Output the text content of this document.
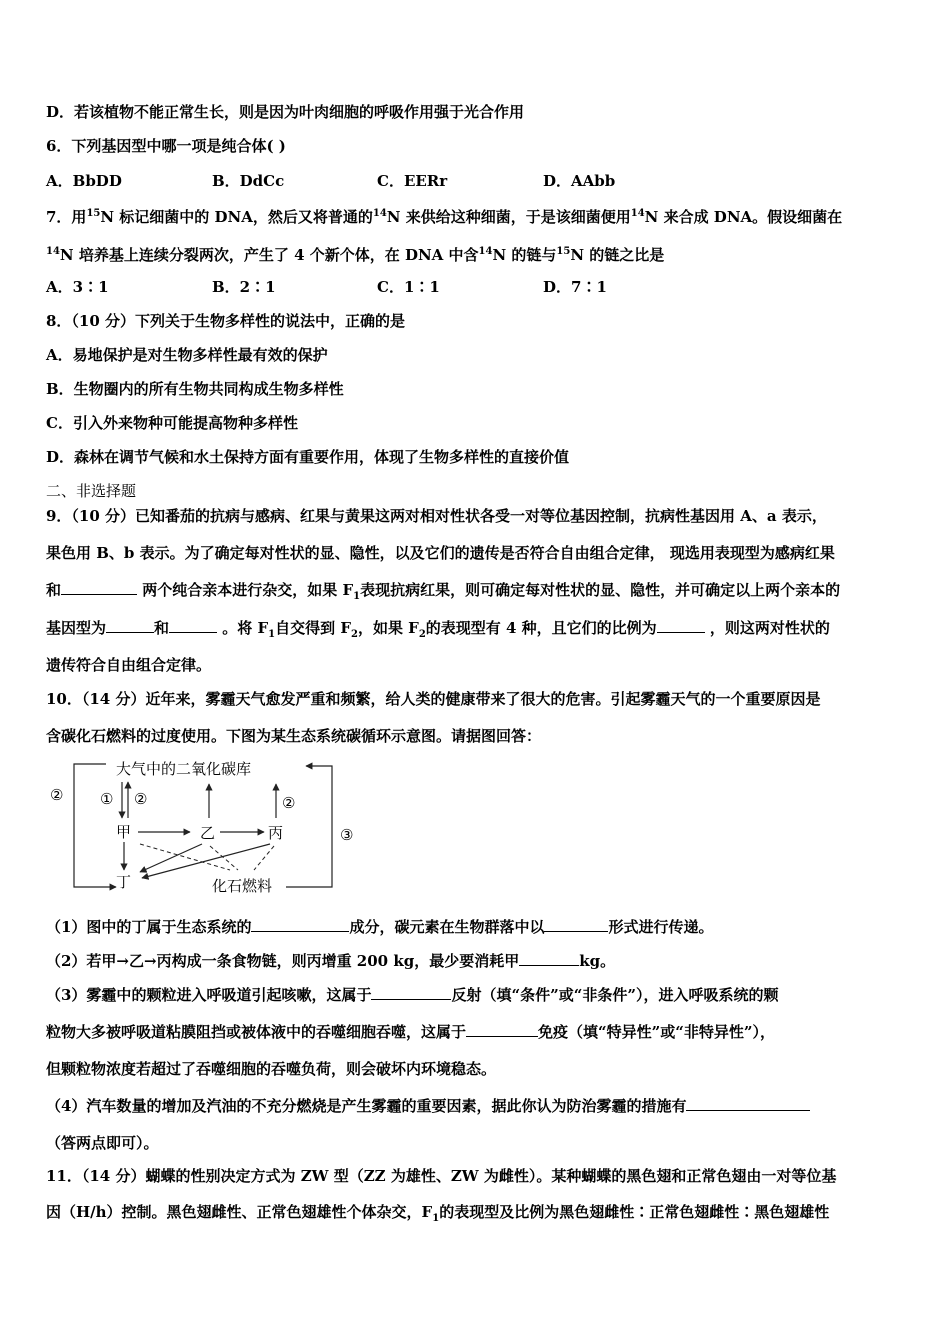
D．若该植物不能正常生长，则是因为叶肉细胞的呼吸作用强于光合作用
6．下列基因型中哪一项是纯合体( )
A．BbDD	B．DdCc	C．EERr	D．AAbb
7．用$^{15}$N 标记细菌中的 DNA，然后又将普通的$^{14}$N 来供给这种细菌，于是该细菌便用$^{14}$N 来合成 DNA。假设细菌在
$^{14}$N 培养基上连续分裂两次，产生了 4 个新个体，在 DNA 中含$^{14}$N 的链与$^{15}$N 的链之比是
A．3∶1	B．2∶1	C．1∶1	D．7∶1
8．（10 分）下列关于生物多样性的说法中，正确的是
A．易地保护是对生物多样性最有效的保护
B．生物圈内的所有生物共同构成生物多样性
C．引入外来物种可能提高物种多样性
D．森林在调节气候和水土保持方面有重要作用，体现了生物多样性的直接价值
二、非选择题
9．（10 分）已知番茄的抗病与感病、红果与黄果这两对相对性状各受一对等位基因控制，抗病性基因用 A、a 表示，
果色用 B、b 表示。为了确定每对性状的显、隐性，以及它们的遗传是否符合自由组合定律， 现选用表现型为感病红果
和	两个纯合亲本进行杂交，如果 $F_1$表现抗病红果，则可确定每对性状的显、隐性，并可确定以上两个亲本的
基因型为	和	。将 $F_1$自交得到 $F_2$，如果 $F_2$的表现型有 4 种，且它们的比例为	，则这两对性状的
遗传符合自由组合定律。
10．（14 分）近年来，雾霾天气愈发严重和频繁，给人类的健康带来了很大的危害。引起雾霾天气的一个重要原因是
含碳化石燃料的过度使用。下图为某生态系统碳循环示意图。请据图回答：
大气中的二氧化碳库
②
③
① ②	②
甲	乙	丙
丁	化石燃料
（1）图中的丁属于生态系统的	成分，碳元素在生物群落中以	形式进行传递。
（2）若甲→乙→丙构成一条食物链，则丙增重 200 kg，最少要消耗甲	kg。
（3）雾霾中的颗粒进入呼吸道引起咳嗽，这属于	反射（填“条件”或“非条件”），进入呼吸系统的颗
粒物大多被呼吸道粘膜阻挡或被体液中的吞噬细胞吞噬，这属于	免疫（填“特异性”或“非特异性”），
但颗粒物浓度若超过了吞噬细胞的吞噬负荷，则会破坏内环境稳态。
（4）汽车数量的增加及汽油的不充分燃烧是产生雾霾的重要因素，据此你认为防治雾霾的措施有
（答两点即可）。
11．（14 分）蝴蝶的性别决定方式为 ZW 型（ZZ 为雄性、ZW 为雌性）。某种蝴蝶的黑色翅和正常色翅由一对等位基
因（H/h）控制。黑色翅雌性、正常色翅雄性个体杂交，$F_1$的表现型及比例为黑色翅雌性∶正常色翅雌性∶黑色翅雄性
